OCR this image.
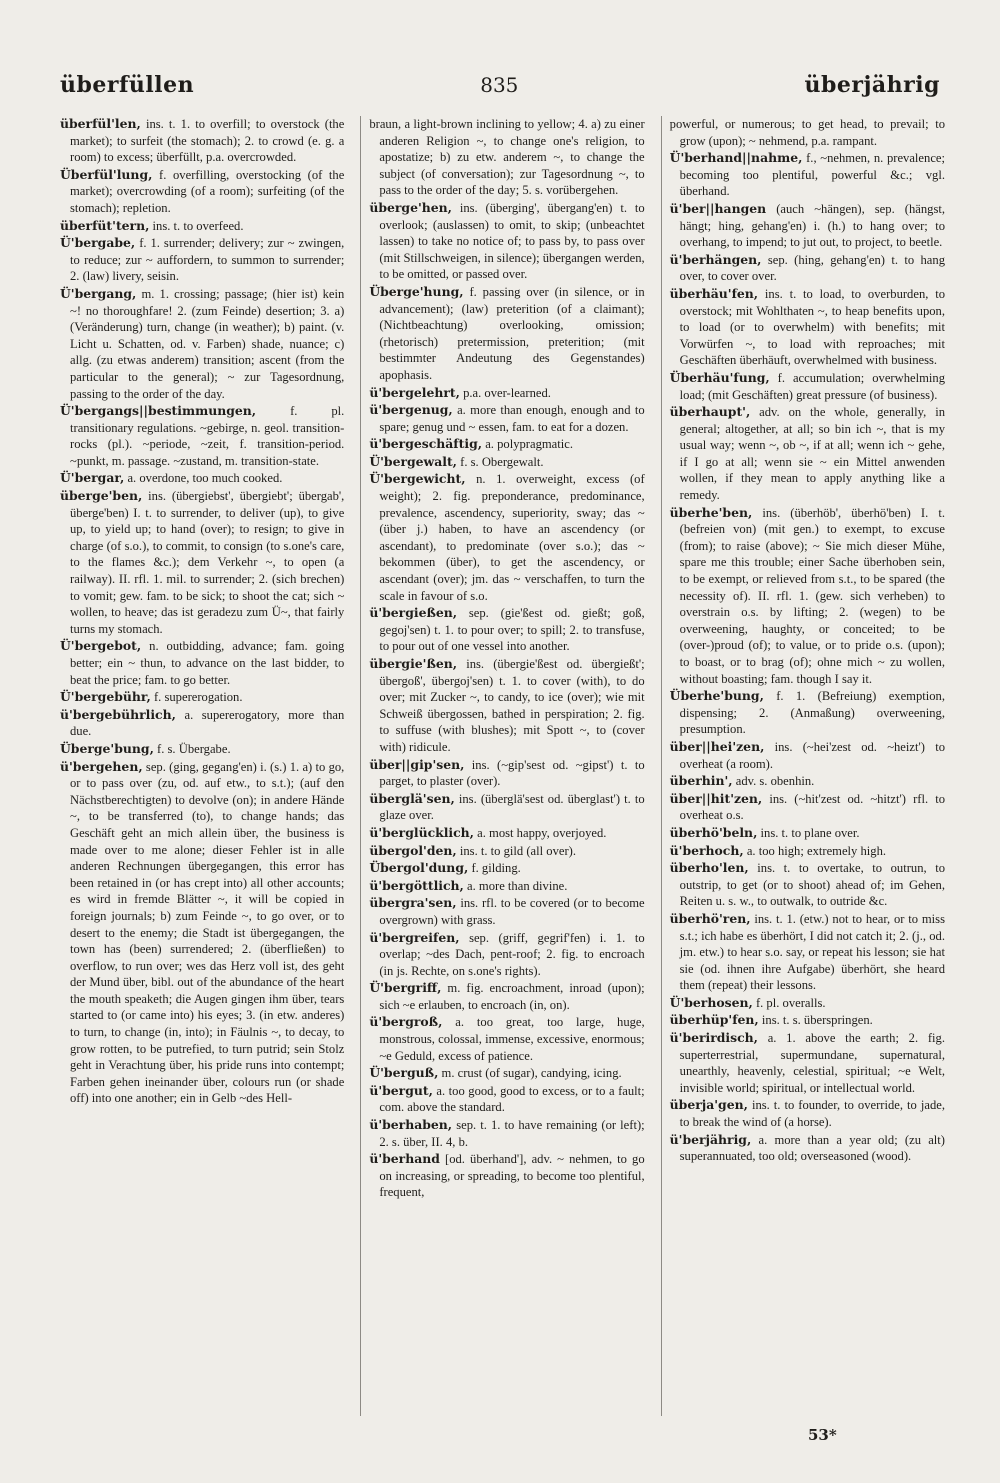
überfüllen	835	überjährig

überfül'len, ins. t. 1. to overfill; to overstock (the market); to surfeit (the stomach); 2. to crowd (e. g. a room) to excess; überfüllt, p.a. overcrowded.

Überfül'lung, f. overfilling, overstocking (of the market); overcrowding (of a room); surfeiting (of the stomach); repletion.

überfüt'tern, ins. t. to overfeed.

Ü'bergabe, f. 1. surrender; delivery; zur ~ zwingen, to reduce; zur ~ auffordern, to summon to surrender; 2. (law) livery, seisin.

Ü'bergang, m. 1. crossing; passage; (hier ist) kein ~! no thoroughfare! 2. (zum Feinde) desertion; 3. a) (Veränderung) turn, change (in weather); b) paint. (v. Licht u. Schatten, od. v. Farben) shade, nuance; c) allg. (zu etwas anderem) transition; ascent (from the particular to the general); ~ zur Tagesordnung, passing to the order of the day.

Ü'bergangs||bestimmungen, f. pl. transitionary regulations. ~gebirge, n. geol. transition-rocks (pl.). ~periode, ~zeit, f. transition-period. ~punkt, m. passage. ~zustand, m. transition-state.

Ü'bergar, a. overdone, too much cooked.

überge'ben, ins. (übergiebst', übergiebt'; übergab', überge'ben) I. t. to surrender, to deliver (up), to give up, to yield up; to hand (over); to resign; to give in charge (of s.o.), to commit, to consign (to s.one's care, to the flames &c.); dem Verkehr ~, to open (a railway). II. rfl. 1. mil. to surrender; 2. (sich brechen) to vomit; gew. fam. to be sick; to shoot the cat; sich ~ wollen, to heave; das ist geradezu zum Ü~, that fairly turns my stomach.

Ü'bergebot, n. outbidding, advance; fam. going better; ein ~ thun, to advance on the last bidder, to beat the price; fam. to go better.

Ü'bergebühr, f. supererogation.

ü'bergebührlich, a. supererogatory, more than due.

Überge'bung, f. s. Übergabe.

ü'bergehen, sep. (ging, gegang'en) i. (s.) 1. a) to go, or to pass over (zu, od. auf etw., to s.t.); (auf den Nächstberechtigten) to devolve (on); in andere Hände ~, to be transferred (to), to change hands; das Geschäft geht an mich allein über, the business is made over to me alone; dieser Fehler ist in alle anderen Rechnungen übergegangen, this error has been retained in (or has crept into) all other accounts; es wird in fremde Blätter ~, it will be copied in foreign journals; b) zum Feinde ~, to go over, or to desert to the enemy; die Stadt ist übergegangen, the town has (been) surrendered; 2. (überfließen) to overflow, to run over; wes das Herz voll ist, des geht der Mund über, bibl. out of the abundance of the heart the mouth speaketh; die Augen gingen ihm über, tears started to (or came into) his eyes; 3. (in etw. anderes) to turn, to change (in, into); in Fäulnis ~, to decay, to grow rotten, to be putrefied, to turn putrid; sein Stolz geht in Verachtung über, his pride runs into contempt; Farben gehen ineinander über, colours run (or shade off) into one another; ein in Gelb ~des Hell-

braun, a light-brown inclining to yellow; 4. a) zu einer anderen Religion ~, to change one's religion, to apostatize; b) zu etw. anderem ~, to change the subject (of conversation); zur Tagesordnung ~, to pass to the order of the day; 5. s. vorübergehen.

überge'hen, ins. (überging', übergang'en) t. to overlook; (auslassen) to omit, to skip; (unbeachtet lassen) to take no notice of; to pass by, to pass over (mit Stillschweigen, in silence); übergangen werden, to be omitted, or passed over.

Überge'hung, f. passing over (in silence, or in advancement); (law) preterition (of a claimant); (Nichtbeachtung) overlooking, omission; (rhetorisch) pretermission, preterition; (mit bestimmter Andeutung des Gegenstandes) apophasis.

ü'bergelehrt, p.a. over-learned.

ü'bergenug, a. more than enough, enough and to spare; genug und ~ essen, fam. to eat for a dozen.

ü'bergeschäftig, a. polypragmatic.

Ü'bergewalt, f. s. Obergewalt.

Ü'bergewicht, n. 1. overweight, excess (of weight); 2. fig. preponderance, predominance, prevalence, ascendency, superiority, sway; das ~ (über j.) haben, to have an ascendency (or ascendant), to predominate (over s.o.); das ~ bekommen (über), to get the ascendency, or ascendant (over); jm. das ~ verschaffen, to turn the scale in favour of s.o.

ü'bergießen, sep. (gie'ßest od. gießt; goß, gegoj'sen) t. 1. to pour over; to spill; 2. to transfuse, to pour out of one vessel into another.

übergie'ßen, ins. (übergie'ßest od. übergießt'; übergoß', übergoj'sen) t. 1. to cover (with), to do over; mit Zucker ~, to candy, to ice (over); wie mit Schweiß übergossen, bathed in perspiration; 2. fig. to suffuse (with blushes); mit Spott ~, to (cover with) ridicule.

über||gip'sen, ins. (~gip'sest od. ~gipst') t. to parget, to plaster (over).

überglä'sen, ins. (überglä'sest od. überglast') t. to glaze over.

ü'berglücklich, a. most happy, overjoyed.

übergol'den, ins. t. to gild (all over).

Übergol'dung, f. gilding.

ü'bergöttlich, a. more than divine.

übergra'sen, ins. rfl. to be covered (or to become overgrown) with grass.

ü'bergreifen, sep. (griff, gegrif'fen) i. 1. to overlap; ~des Dach, pent-roof; 2. fig. to encroach (in js. Rechte, on s.one's rights).

Ü'bergriff, m. fig. encroachment, inroad (upon); sich ~e erlauben, to encroach (in, on).

ü'bergroß, a. too great, too large, huge, monstrous, colossal, immense, excessive, enormous; ~e Geduld, excess of patience.

Ü'berguß, m. crust (of sugar), candying, icing.

ü'bergut, a. too good, good to excess, or to a fault; com. above the standard.

ü'berhaben, sep. t. 1. to have remaining (or left); 2. s. über, II. 4, b.

ü'berhand [od. überhand'], adv. ~ nehmen, to go on increasing, or spreading, to become too plentiful, frequent,

powerful, or numerous; to get head, to prevail; to grow (upon); ~ nehmend, p.a. rampant.

Ü'berhand||nahme, f., ~nehmen, n. prevalence; becoming too plentiful, powerful &c.; vgl. überhand.

ü'ber||hangen (auch ~hängen), sep. (hängst, hängt; hing, gehang'en) i. (h.) to hang over; to overhang, to impend; to jut out, to project, to beetle.

ü'berhängen, sep. (hing, gehang'en) t. to hang over, to cover over.

überhäu'fen, ins. t. to load, to overburden, to overstock; mit Wohlthaten ~, to heap benefits upon, to load (or to overwhelm) with benefits; mit Vorwürfen ~, to load with reproaches; mit Geschäften überhäuft, overwhelmed with business.

Überhäu'fung, f. accumulation; overwhelming load; (mit Geschäften) great pressure (of business).

überhaupt', adv. on the whole, generally, in general; altogether, at all; so bin ich ~, that is my usual way; wenn ~, ob ~, if at all; wenn ich ~ gehe, if I go at all; wenn sie ~ ein Mittel anwenden wollen, if they mean to apply anything like a remedy.

überhe'ben, ins. (überhöb', überhö'ben) I. t. (befreien von) (mit gen.) to exempt, to excuse (from); to raise (above); ~ Sie mich dieser Mühe, spare me this trouble; einer Sache überhoben sein, to be exempt, or relieved from s.t., to be spared (the necessity of). II. rfl. 1. (gew. sich verheben) to overstrain o.s. by lifting; 2. (wegen) to be overweening, haughty, or conceited; to be (over-)proud (of); to value, or to pride o.s. (upon); to boast, or to brag (of); ohne mich ~ zu wollen, without boasting; fam. though I say it.

Überhe'bung, f. 1. (Befreiung) exemption, dispensing; 2. (Anmaßung) overweening, presumption.

über||hei'zen, ins. (~hei'zest od. ~heizt') to overheat (a room).

überhin', adv. s. obenhin.

über||hit'zen, ins. (~hit'zest od. ~hitzt') rfl. to overheat o.s.

überhö'beln, ins. t. to plane over.

ü'berhoch, a. too high; extremely high.

überho'len, ins. t. to overtake, to outrun, to outstrip, to get (or to shoot) ahead of; im Gehen, Reiten u. s. w., to outwalk, to outride &c.

überhö'ren, ins. t. 1. (etw.) not to hear, or to miss s.t.; ich habe es überhört, I did not catch it; 2. (j., od. jm. etw.) to hear s.o. say, or repeat his lesson; sie hat sie (od. ihnen ihre Aufgabe) überhört, she heard them (repeat) their lessons.

Ü'berhosen, f. pl. overalls.

überhüp'fen, ins. t. s. überspringen.

ü'berirdisch, a. 1. above the earth; 2. fig. superterrestrial, supermundane, supernatural, unearthly, heavenly, celestial, spiritual; ~e Welt, invisible world; spiritual, or intellectual world.

überja'gen, ins. t. to founder, to override, to jade, to break the wind of (a horse).

ü'berjährig, a. more than a year old; (zu alt) superannuated, too old; overseasoned (wood).

53*
